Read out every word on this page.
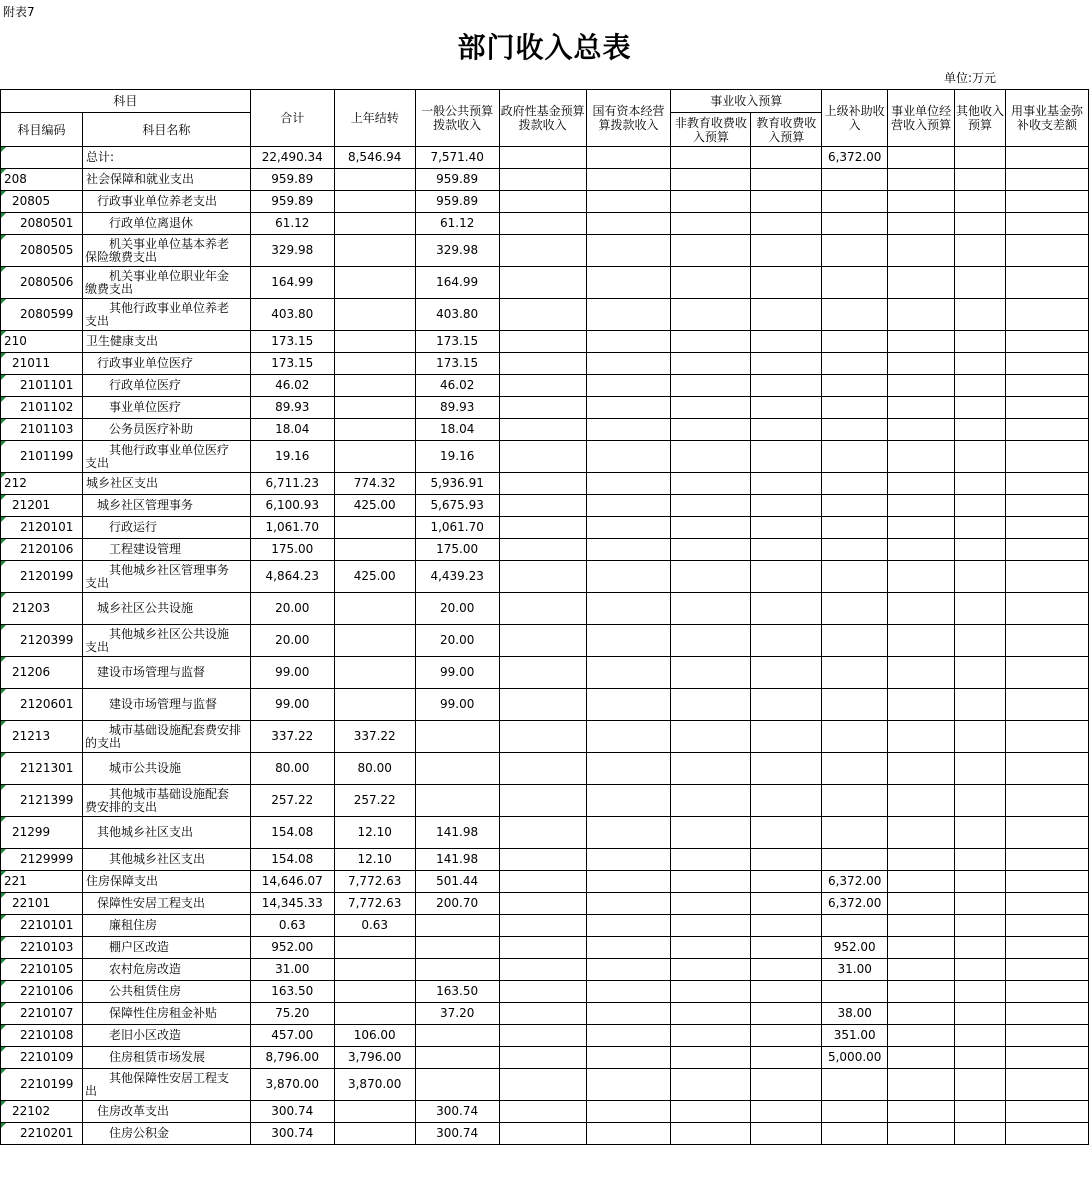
附表7
部门收入总表
单位:万元
科目		合计	上年结转	一般公共预算拨款收入	政府性基金预算拨款收入	国有资本经营算拨款收入	事业收入预算		上级补助收入	事业单位经营收入预算	其他收入预算	用事业基金弥补收支差额
科目编码	科目名称						非教育收费收入预算	教育收费收入预算				
	总计:	22,490.34	8,546.94	7,571.40					6,372.00			
208	社会保障和就业支出	959.89		959.89								
20805	行政事业单位养老支出	959.89		959.89								
2080501	行政单位离退休	61.12		61.12								
2080505	机关事业单位基本养老
保险缴费支出	329.98		329.98								
2080506	机关事业单位职业年金
缴费支出	164.99		164.99								
2080599	其他行政事业单位养老
支出	403.80		403.80								
210	卫生健康支出	173.15		173.15								
21011	行政事业单位医疗	173.15		173.15								
2101101	行政单位医疗	46.02		46.02								
2101102	事业单位医疗	89.93		89.93								
2101103	公务员医疗补助	18.04		18.04								
2101199	其他行政事业单位医疗
支出	19.16		19.16								
212	城乡社区支出	6,711.23	774.32	5,936.91								
21201	城乡社区管理事务	6,100.93	425.00	5,675.93								
2120101	行政运行	1,061.70		1,061.70								
2120106	工程建设管理	175.00		175.00								
2120199	其他城乡社区管理事务
支出	4,864.23	425.00	4,439.23								
21203	城乡社区公共设施	20.00		20.00								
2120399	其他城乡社区公共设施
支出	20.00		20.00								
21206	建设市场管理与监督	99.00		99.00								
2120601	建设市场管理与监督	99.00		99.00								
21213	城市基础设施配套费安排
的支出	337.22	337.22									
2121301	城市公共设施	80.00	80.00									
2121399	其他城市基础设施配套
费安排的支出	257.22	257.22									
21299	其他城乡社区支出	154.08	12.10	141.98								
2129999	其他城乡社区支出	154.08	12.10	141.98								
221	住房保障支出	14,646.07	7,772.63	501.44					6,372.00			
22101	保障性安居工程支出	14,345.33	7,772.63	200.70					6,372.00			
2210101	廉租住房	0.63	0.63									
2210103	棚户区改造	952.00							952.00			
2210105	农村危房改造	31.00							31.00			
2210106	公共租赁住房	163.50		163.50								
2210107	保障性住房租金补贴	75.20		37.20					38.00			
2210108	老旧小区改造	457.00	106.00						351.00			
2210109	住房租赁市场发展	8,796.00	3,796.00						5,000.00			
2210199	其他保障性安居工程支
出	3,870.00	3,870.00									
22102	住房改革支出	300.74		300.74								
2210201	住房公积金	300.74		300.74								
